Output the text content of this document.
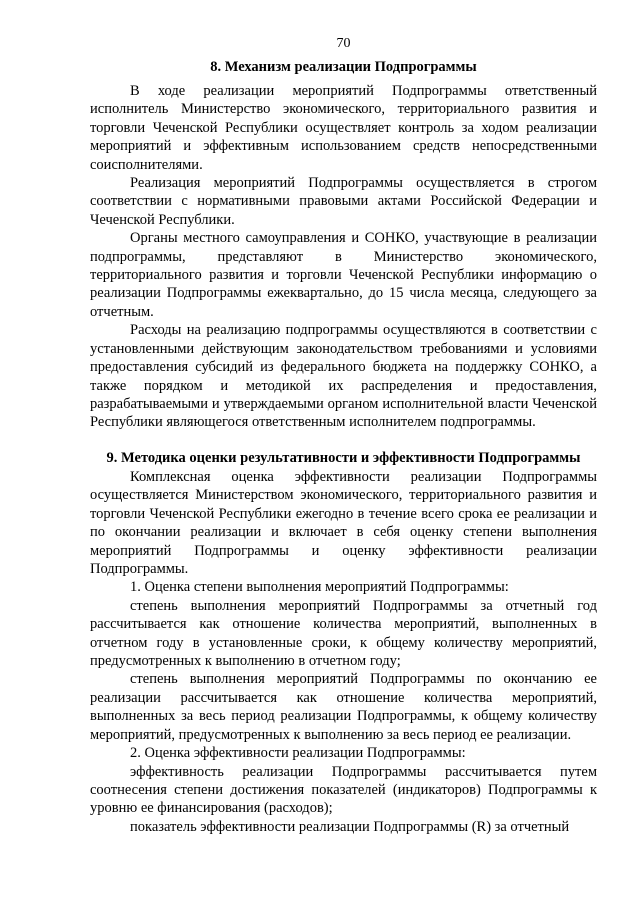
70
8. Механизм реализации Подпрограммы

В ходе реализации мероприятий Подпрограммы ответственный исполнитель Министерство экономического, территориального развития и торговли Чеченской Республики осуществляет контроль за ходом реализации мероприятий и эффективным использованием средств непосредственными соисполнителями.

Реализация мероприятий Подпрограммы осуществляется в строгом соответствии с нормативными правовыми актами Российской Федерации и Чеченской Республики.

Органы местного самоуправления и СОНКО, участвующие в реализации подпрограммы, представляют в Министерство экономического, территориального развития и торговли Чеченской Республики информацию о реализации Подпрограммы ежеквартально, до 15 числа месяца, следующего за отчетным.

Расходы на реализацию подпрограммы осуществляются в соответствии с установленными действующим законодательством требованиями и условиями предоставления субсидий из федерального бюджета на поддержку СОНКО, а также порядком и методикой их распределения и предоставления, разрабатываемыми и утверждаемыми органом исполнительной власти Чеченской Республики являющегося ответственным исполнителем подпрограммы.

9. Методика оценки результативности и эффективности Подпрограммы

Комплексная оценка эффективности реализации Подпрограммы осуществляется Министерством экономического, территориального развития и торговли Чеченской Республики ежегодно в течение всего срока ее реализации и по окончании реализации и включает в себя оценку степени выполнения мероприятий Подпрограммы и оценку эффективности реализации Подпрограммы.

1. Оценка степени выполнения мероприятий Подпрограммы:

степень выполнения мероприятий Подпрограммы за отчетный год рассчитывается как отношение количества мероприятий, выполненных в отчетном году в установленные сроки, к общему количеству мероприятий, предусмотренных к выполнению в отчетном году;

степень выполнения мероприятий Подпрограммы по окончанию ее реализации рассчитывается как отношение количества мероприятий, выполненных за весь период реализации Подпрограммы, к общему количеству мероприятий, предусмотренных к выполнению за весь период ее реализации.

2. Оценка эффективности реализации Подпрограммы:

эффективность реализации Подпрограммы рассчитывается путем соотнесения степени достижения показателей (индикаторов) Подпрограммы к уровню ее финансирования (расходов);

показатель эффективности реализации Подпрограммы (R) за отчетный
